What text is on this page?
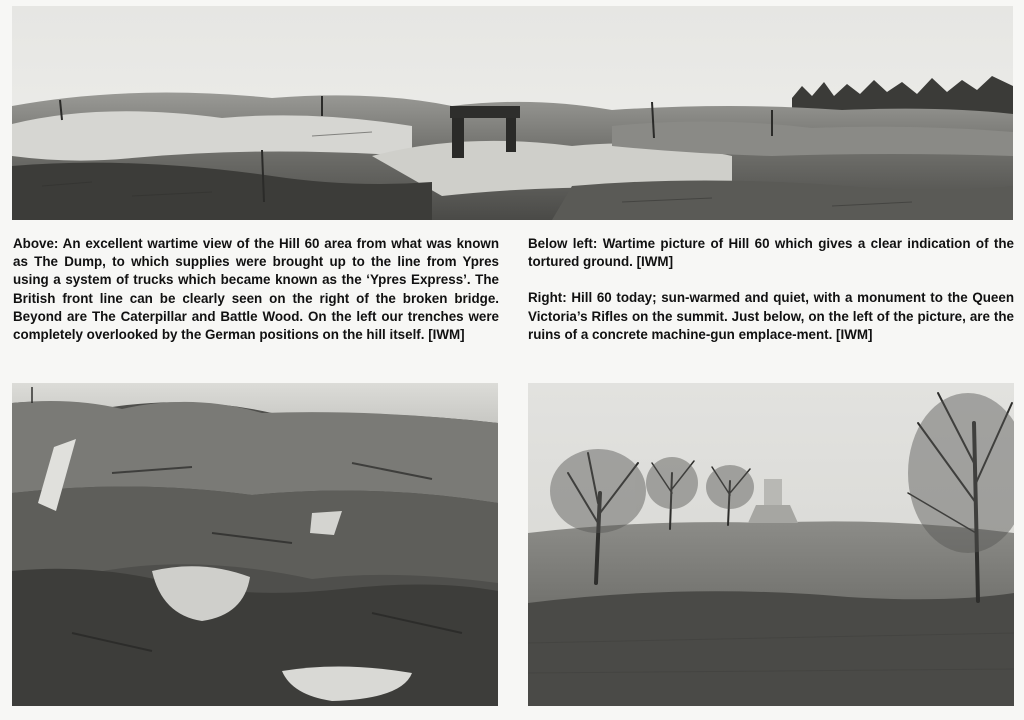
Above: An excellent wartime view of the Hill 60 area from what was known as The Dump, to which supplies were brought up to the line from Ypres using a system of trucks which became known as the ‘Ypres Express’. The British front line can be clearly seen on the right of the broken bridge. Beyond are The Caterpillar and Battle Wood. On the left our trenches were completely overlooked by the German positions on the hill itself. [IWM]

Below left: Wartime picture of Hill 60 which gives a clear indication of the tortured ground. [IWM]

Right: Hill 60 today; sun-warmed and quiet, with a monument to the Queen Victoria’s Rifles on the summit. Just below, on the left of the picture, are the ruins of a concrete machine-gun emplace-ment. [IWM]
